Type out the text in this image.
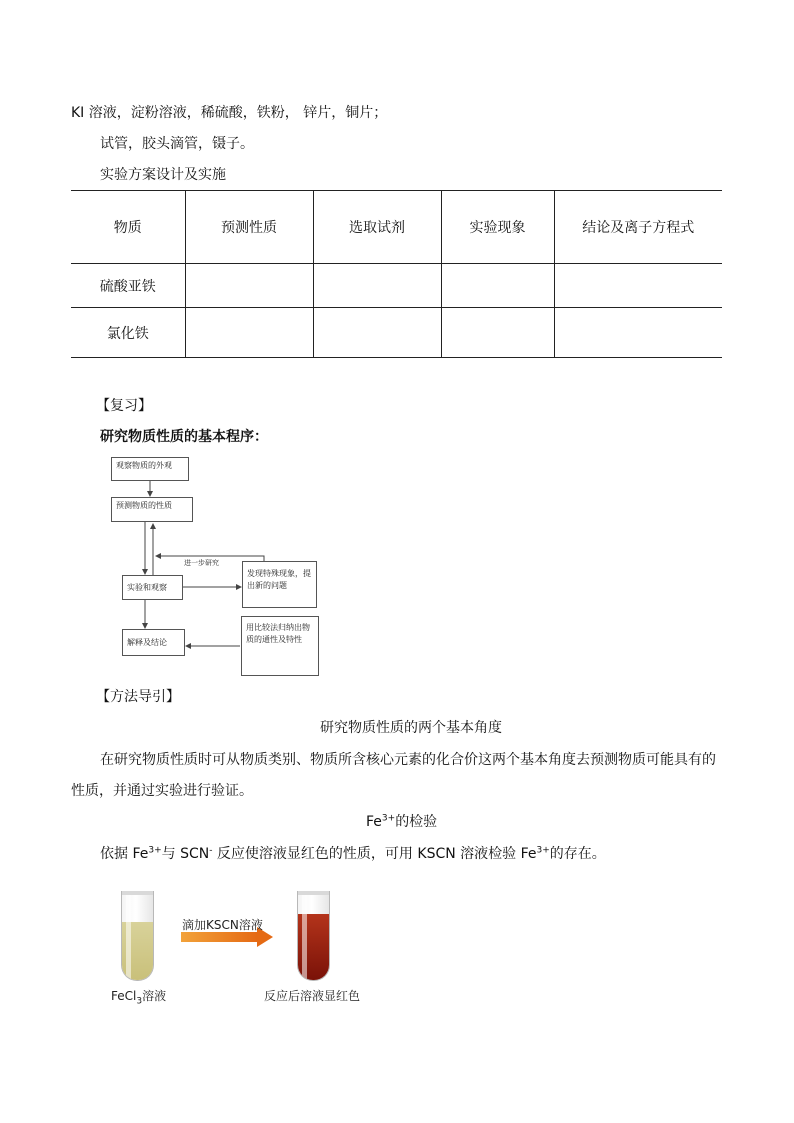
KI 溶液，淀粉溶液，稀硫酸，铁粉， 锌片，铜片；
试管，胶头滴管，镊子。
实验方案设计及实施
物质	预测性质	选取试剂	实验现象	结论及离子方程式
硫酸亚铁				
氯化铁				
【复习】
研究物质性质的基本程序：
观察物质的外观
预测物质的性质
实验和观察
解释及结论
发现特殊现象，提出新的问题
用比较法归纳出物质的通性及特性
进一步研究
【方法导引】
研究物质性质的两个基本角度
在研究物质性质时可从物质类别、物质所含核心元素的化合价这两个基本角度去预测物质可能具有的
性质，并通过实验进行验证。
$Fe^{3+}$的检验
依据 $Fe^{3+}$与 SCN- 反应使溶液显红色的性质，可用 KSCN 溶液检验 $Fe^{3+}$的存在。
滴加KSCN溶液
FeCl$_3$溶液	反应后溶液显红色
